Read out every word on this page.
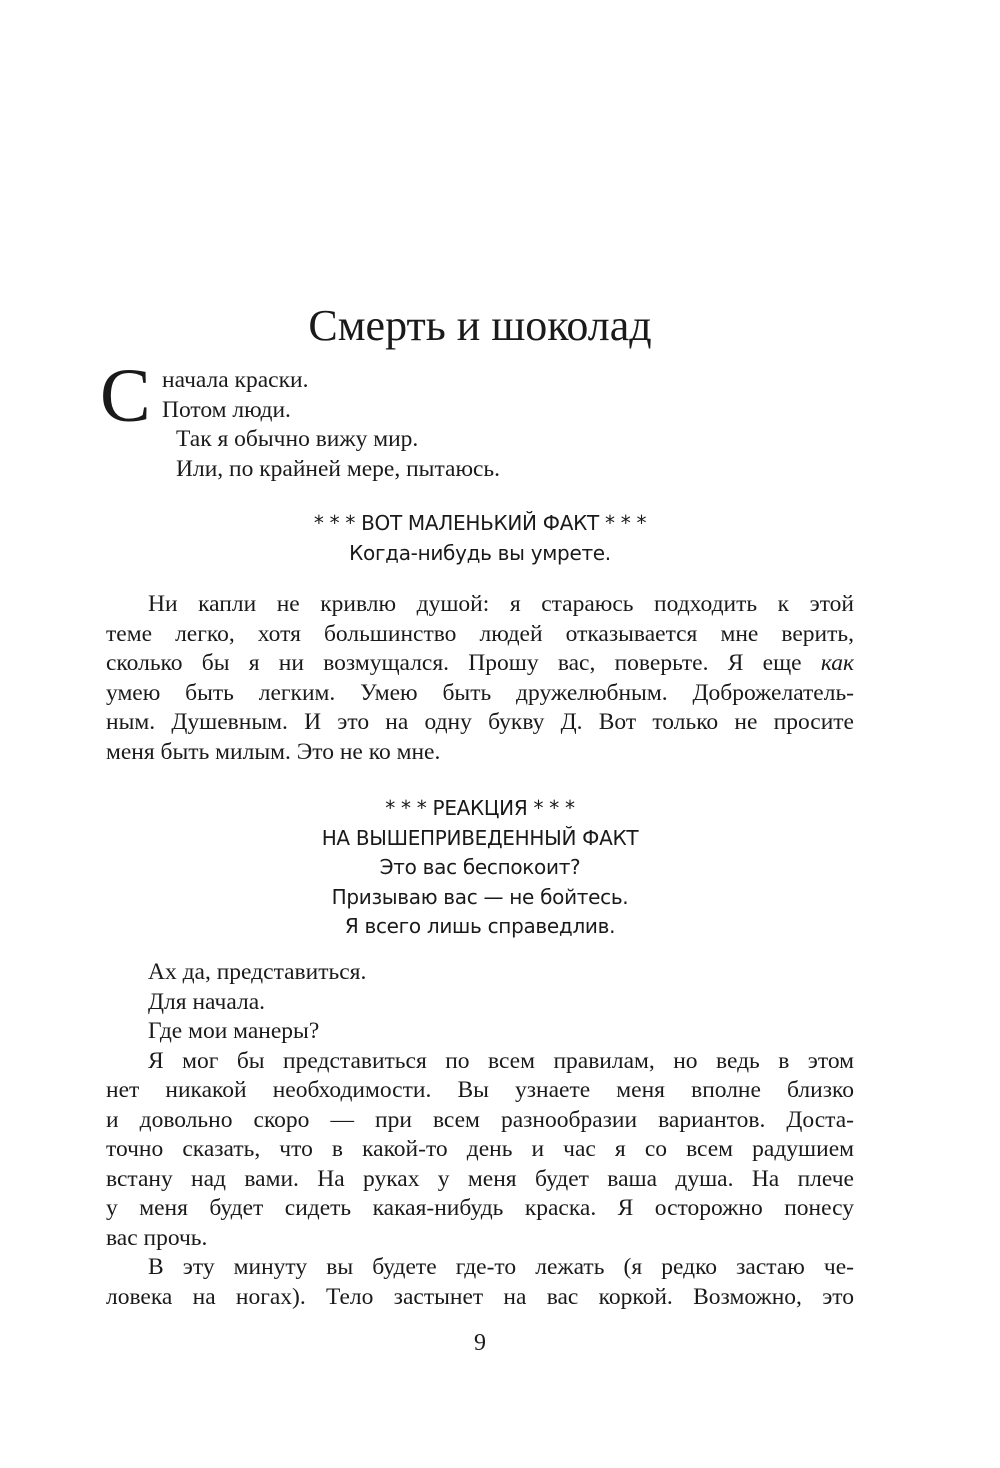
Смерть и шоколад
С начала краски.
Потом люди.
Так я обычно вижу мир.
Или, по крайней мере, пытаюсь.
* * * ВОТ МАЛЕНЬКИЙ ФАКТ * * *
Когда-нибудь вы умрете.
Ни капли не кривлю душой: я стараюсь подходить к этой
теме легко, хотя большинство людей отказывается мне верить,
сколько бы я ни возмущался. Прошу вас, поверьте. Я еще как
умею быть легким. Умею быть дружелюбным. Доброжелатель-
ным. Душевным. И это на одну букву Д. Вот только не просите
меня быть милым. Это не ко мне.
* * * РЕАКЦИЯ * * *
НА ВЫШЕПРИВЕДЕННЫЙ ФАКТ
Это вас беспокоит?
Призываю вас — не бойтесь.
Я всего лишь справедлив.
Ах да, представиться.
Для начала.
Где мои манеры?
Я мог бы представиться по всем правилам, но ведь в этом
нет никакой необходимости. Вы узнаете меня вполне близко
и довольно скоро — при всем разнообразии вариантов. Доста-
точно сказать, что в какой-то день и час я со всем радушием
встану над вами. На руках у меня будет ваша душа. На плече
у меня будет сидеть какая-нибудь краска. Я осторожно понесу
вас прочь.
В эту минуту вы будете где-то лежать (я редко застаю че-
ловека на ногах). Тело застынет на вас коркой. Возможно, это
9
